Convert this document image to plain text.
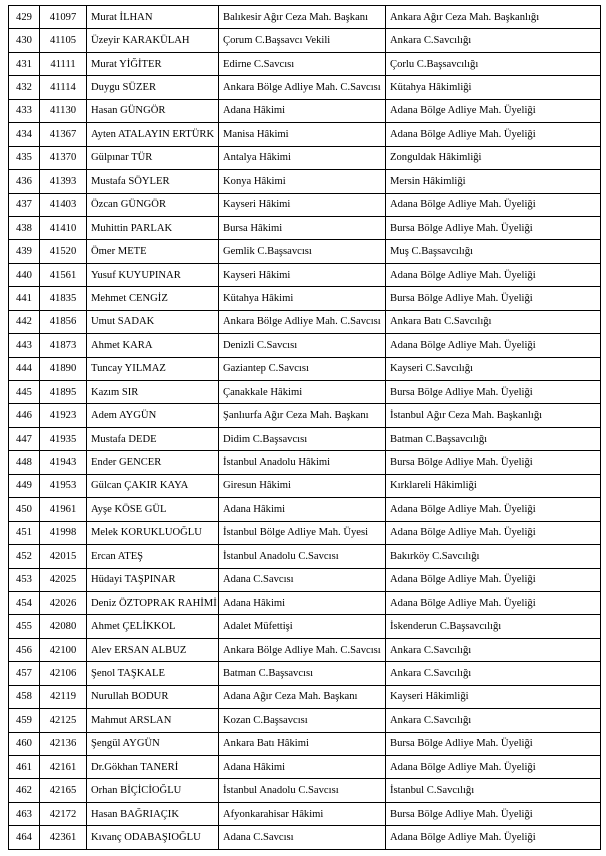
429	41097	Murat İLHAN	Balıkesir Ağır Ceza Mah. Başkanı	Ankara Ağır Ceza Mah. Başkanlığı
430	41105	Üzeyir KARAKÜLAH	Çorum C.Başsavcı Vekili	Ankara C.Savcılığı
431	41111	Murat YİĞİTER	Edirne C.Savcısı	Çorlu C.Başsavcılığı
432	41114	Duygu SÜZER	Ankara Bölge Adliye Mah. C.Savcısı	Kütahya Hâkimliği
433	41130	Hasan GÜNGÖR	Adana Hâkimi	Adana Bölge Adliye Mah. Üyeliği
434	41367	Ayten ATALAYIN ERTÜRK	Manisa Hâkimi	Adana Bölge Adliye Mah. Üyeliği
435	41370	Gülpınar TÜR	Antalya Hâkimi	Zonguldak Hâkimliği
436	41393	Mustafa SÖYLER	Konya Hâkimi	Mersin Hâkimliği
437	41403	Özcan GÜNGÖR	Kayseri Hâkimi	Adana Bölge Adliye Mah. Üyeliği
438	41410	Muhittin PARLAK	Bursa Hâkimi	Bursa Bölge Adliye Mah. Üyeliği
439	41520	Ömer METE	Gemlik C.Başsavcısı	Muş C.Başsavcılığı
440	41561	Yusuf KUYUPINAR	Kayseri Hâkimi	Adana Bölge Adliye Mah. Üyeliği
441	41835	Mehmet CENGİZ	Kütahya Hâkimi	Bursa Bölge Adliye Mah. Üyeliği
442	41856	Umut SADAK	Ankara Bölge Adliye Mah. C.Savcısı	Ankara Batı C.Savcılığı
443	41873	Ahmet KARA	Denizli C.Savcısı	Adana Bölge Adliye Mah. Üyeliği
444	41890	Tuncay YILMAZ	Gaziantep C.Savcısı	Kayseri C.Savcılığı
445	41895	Kazım SIR	Çanakkale Hâkimi	Bursa Bölge Adliye Mah. Üyeliği
446	41923	Adem AYGÜN	Şanlıurfa Ağır Ceza Mah. Başkanı	İstanbul Ağır Ceza Mah. Başkanlığı
447	41935	Mustafa DEDE	Didim C.Başsavcısı	Batman C.Başsavcılığı
448	41943	Ender GENCER	İstanbul Anadolu Hâkimi	Bursa Bölge Adliye Mah. Üyeliği
449	41953	Gülcan ÇAKIR KAYA	Giresun Hâkimi	Kırklareli Hâkimliği
450	41961	Ayşe KÖSE GÜL	Adana Hâkimi	Adana Bölge Adliye Mah. Üyeliği
451	41998	Melek KORUKLUOĞLU	İstanbul Bölge Adliye Mah. Üyesi	Adana Bölge Adliye Mah. Üyeliği
452	42015	Ercan ATEŞ	İstanbul Anadolu C.Savcısı	Bakırköy C.Savcılığı
453	42025	Hüdayi TAŞPINAR	Adana C.Savcısı	Adana Bölge Adliye Mah. Üyeliği
454	42026	Deniz ÖZTOPRAK RAHİMİ	Adana Hâkimi	Adana Bölge Adliye Mah. Üyeliği
455	42080	Ahmet ÇELİKKOL	Adalet Müfettişi	İskenderun C.Başsavcılığı
456	42100	Alev ERSAN ALBUZ	Ankara Bölge Adliye Mah. C.Savcısı	Ankara C.Savcılığı
457	42106	Şenol TAŞKALE	Batman C.Başsavcısı	Ankara C.Savcılığı
458	42119	Nurullah BODUR	Adana Ağır Ceza Mah. Başkanı	Kayseri Hâkimliği
459	42125	Mahmut ARSLAN	Kozan C.Başsavcısı	Ankara C.Savcılığı
460	42136	Şengül AYGÜN	Ankara Batı Hâkimi	Bursa Bölge Adliye Mah. Üyeliği
461	42161	Dr.Gökhan TANERİ	Adana Hâkimi	Adana Bölge Adliye Mah. Üyeliği
462	42165	Orhan BİÇİCİOĞLU	İstanbul Anadolu C.Savcısı	İstanbul C.Savcılığı
463	42172	Hasan BAĞRIAÇIK	Afyonkarahisar Hâkimi	Bursa Bölge Adliye Mah. Üyeliği
464	42361	Kıvanç ODABAŞIOĞLU	Adana C.Savcısı	Adana Bölge Adliye Mah. Üyeliği
